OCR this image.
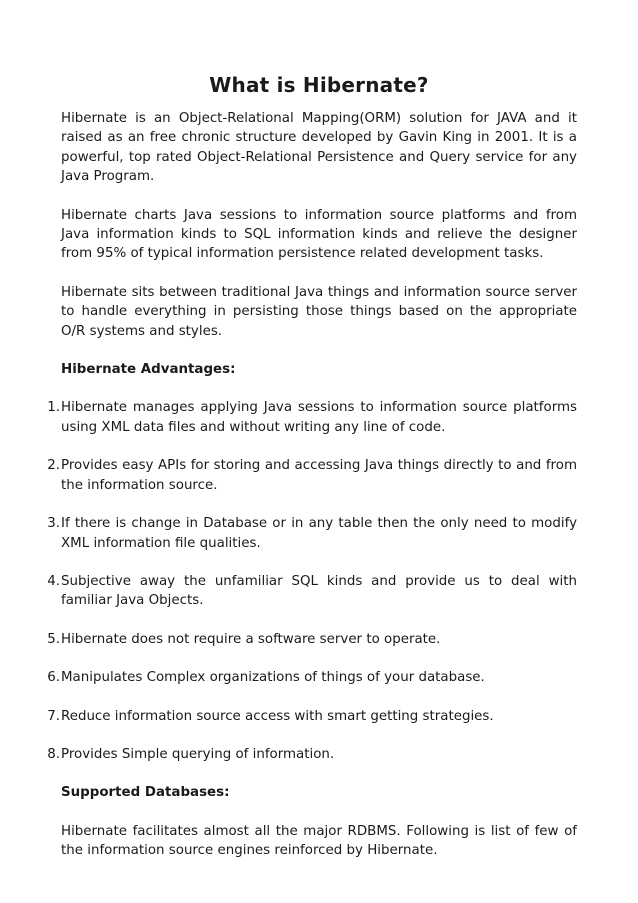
What is Hibernate?

Hibernate is an Object-Relational Mapping(ORM) solution for JAVA and it raised as an free chronic structure developed by Gavin King in 2001. It is a powerful, top rated Object-Relational Persistence and Query service for any Java Program.

Hibernate charts Java sessions to information source platforms and from Java information kinds to SQL information kinds and relieve the designer from 95% of typical information persistence related development tasks.

Hibernate sits between traditional Java things and information source server to handle everything in persisting those things based on the appropriate O/R systems and styles.

Hibernate Advantages:
1. Hibernate manages applying Java sessions to information source platforms using XML data files and without writing any line of code.
2. Provides easy APIs for storing and accessing Java things directly to and from the information source.
3. If there is change in Database or in any table then the only need to modify XML information file qualities.
4. Subjective away the unfamiliar SQL kinds and provide us to deal with familiar Java Objects.
5. Hibernate does not require a software server to operate.
6. Manipulates Complex organizations of things of your database.
7. Reduce information source access with smart getting strategies.
8. Provides Simple querying of information.
Supported Databases:

Hibernate facilitates almost all the major RDBMS. Following is list of few of the information source engines reinforced by Hibernate.
